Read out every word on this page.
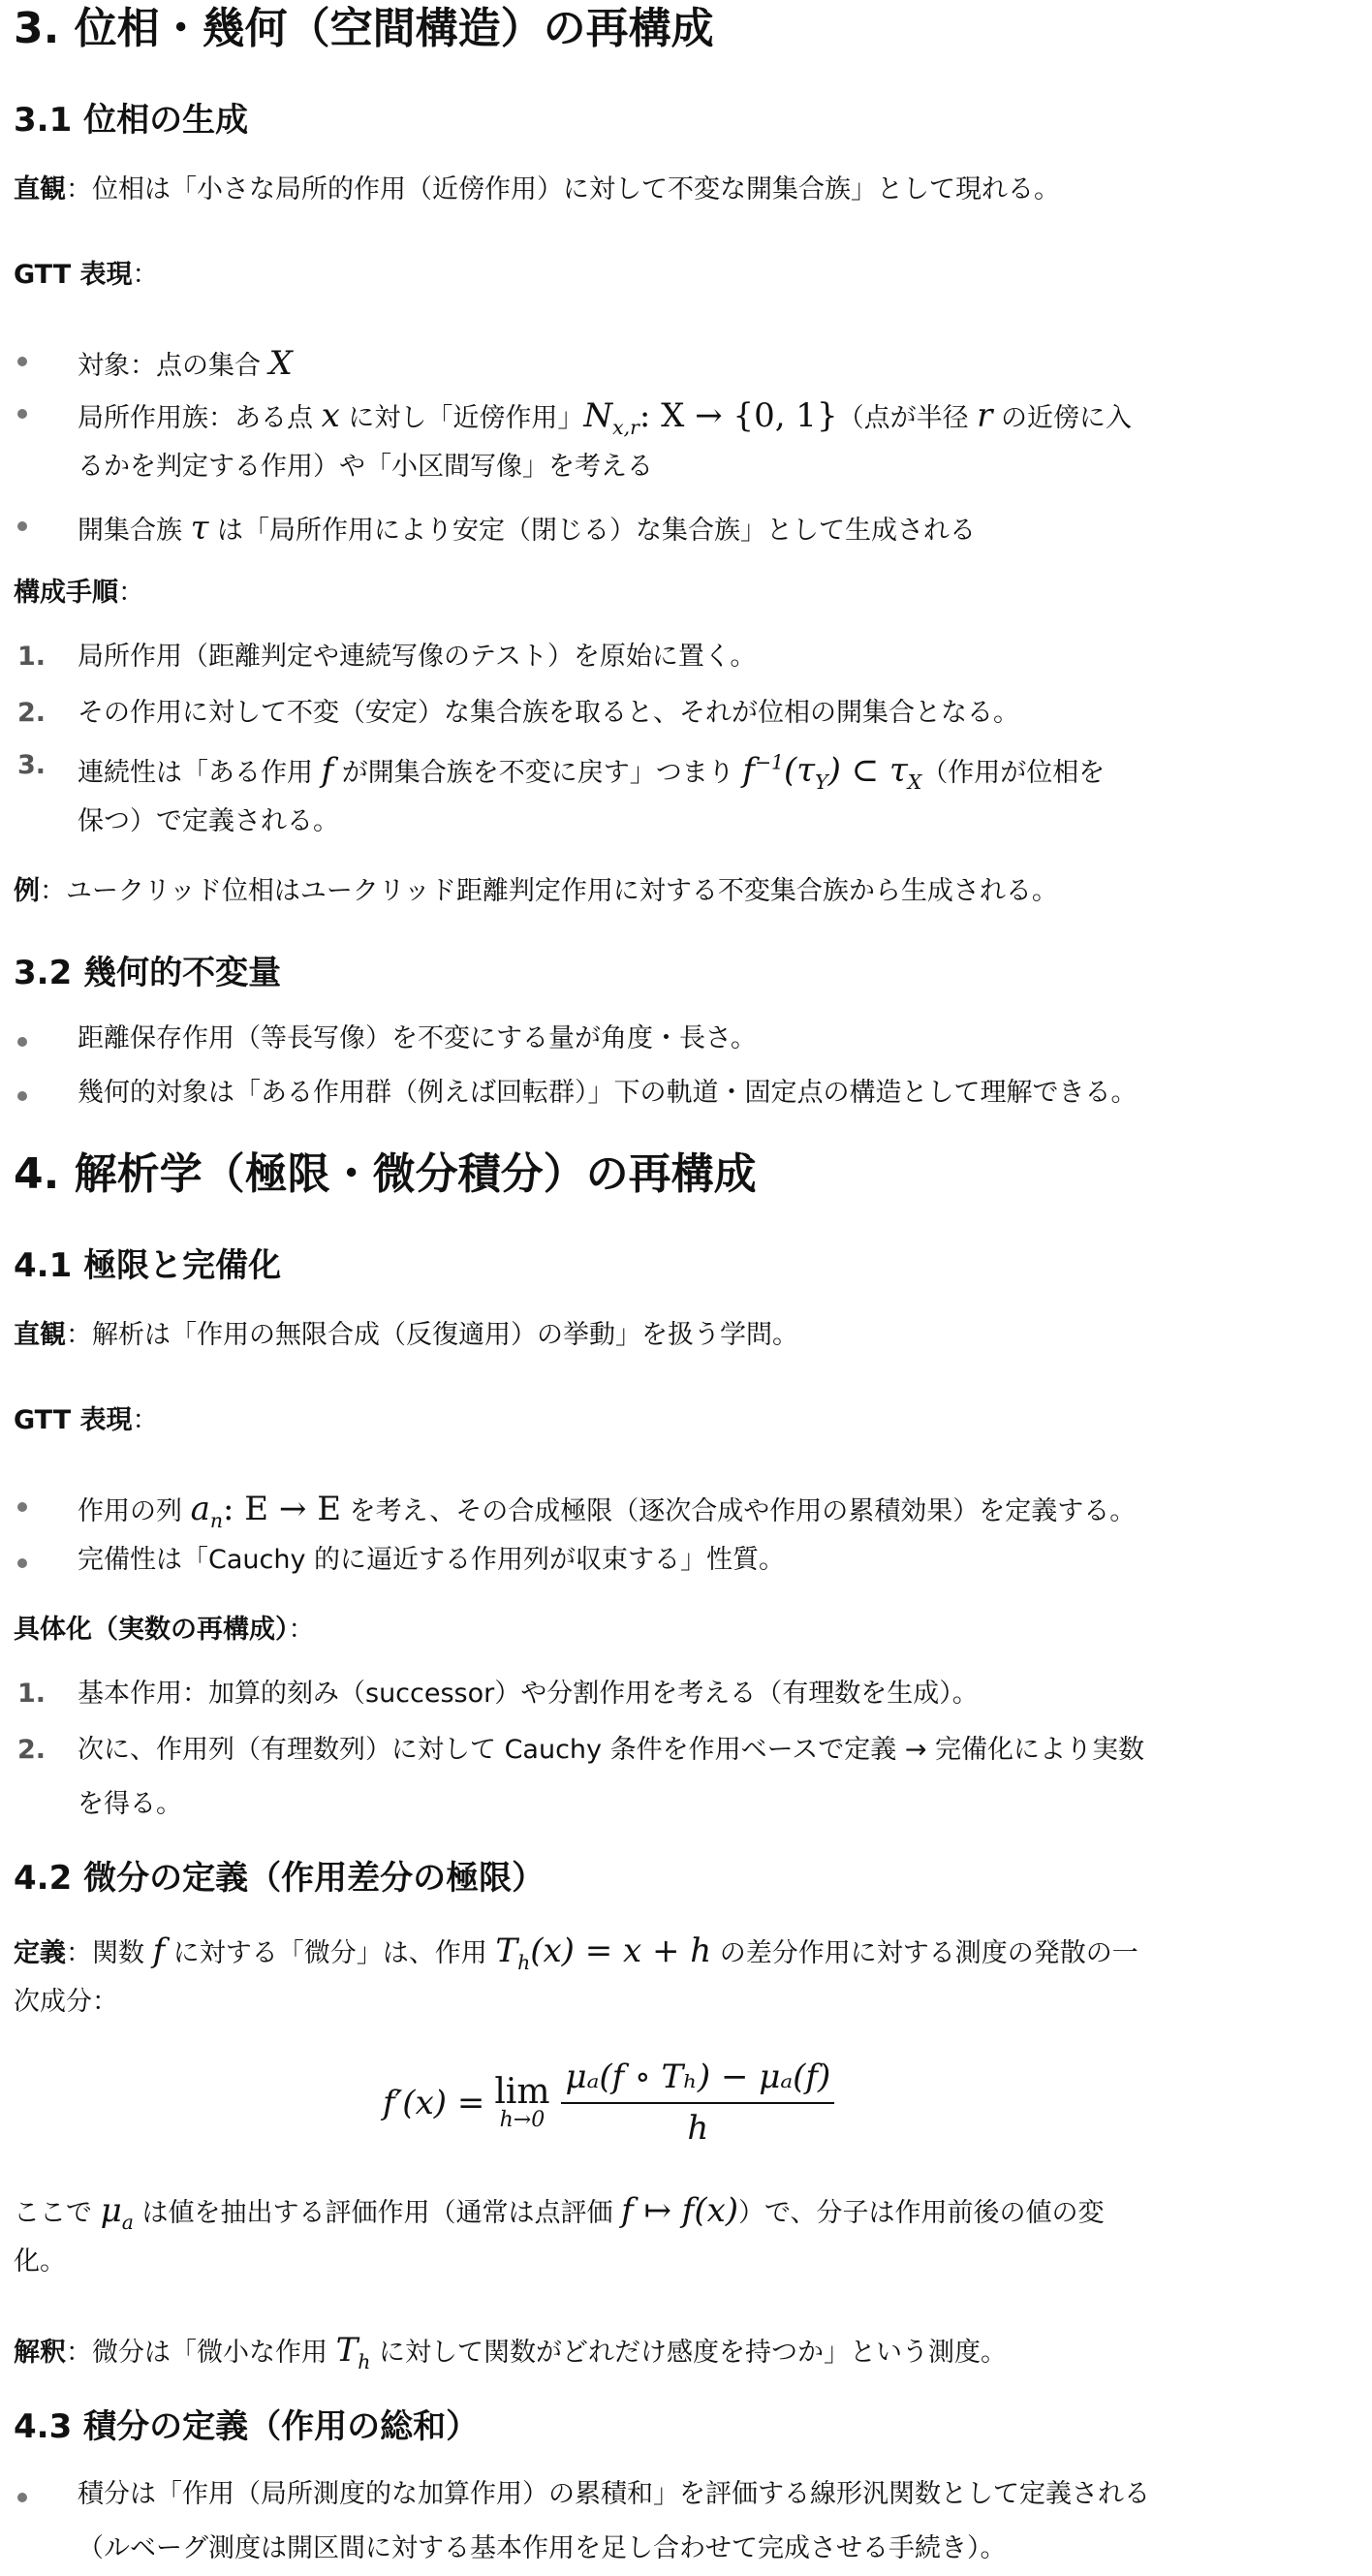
3. 位相・幾何（空間構造）の再構成
3.1 位相の生成

直観：位相は「小さな局所的作用（近傍作用）に対して不変な開集合族」として現れる。

GTT 表現：

対象：点の集合 X
局所作用族：ある点 x に対し「近傍作用」$N_{x,r}$: X → {0, 1}（点が半径 r の近傍に入
るかを判定する作用）や「小区間写像」を考える
開集合族 τ は「局所作用により安定（閉じる）な集合族」として生成される

構成手順：

1. 局所作用（距離判定や連続写像のテスト）を原始に置く。
2. その作用に対して不変（安定）な集合族を取ると、それが位相の開集合となる。
3. 連続性は「ある作用 f が開集合族を不変に戻す」つまり $f^{-1}(\tau_Y)$ ⊂ $\tau_X$（作用が位相を
保つ）で定義される。

例：ユークリッド位相はユークリッド距離判定作用に対する不変集合族から生成される。

3.2 幾何的不変量
距離保存作用（等長写像）を不変にする量が角度・長さ。
幾何的対象は「ある作用群（例えば回転群）」下の軌道・固定点の構造として理解できる。
4. 解析学（極限・微分積分）の再構成
4.1 極限と完備化

直観：解析は「作用の無限合成（反復適用）の挙動」を扱う学問。

GTT 表現：

作用の列 $a_n$: E → E を考え、その合成極限（逐次合成や作用の累積効果）を定義する。
完備性は「Cauchy 的に逼近する作用列が収束する」性質。

具体化（実数の再構成）：

1. 基本作用：加算的刻み（successor）や分割作用を考える（有理数を生成）。
2. 次に、作用列（有理数列）に対して Cauchy 条件を作用ベースで定義 → 完備化により実数
を得る。
4.2 微分の定義（作用差分の極限）

定義：関数 f に対する「微分」は、作用 $T_h(x) = x + h$ の差分作用に対する測度の発散の一

次成分：

f′(x) = lim
$h\to 0 \frac{\text{μₐ(f ∘ Tₕ) − μₐ(f)}}{h}$

ここで $\mu_a$ は値を抽出する評価作用（通常は点評価 f ↦ f(x)）で、分子は作用前後の値の変

化。

解釈：微分は「微小な作用 $T_h$ に対して関数がどれだけ感度を持つか」という測度。

4.3 積分の定義（作用の総和）
積分は「作用（局所測度的な加算作用）の累積和」を評価する線形汎関数として定義される
（ルベーグ測度は開区間に対する基本作用を足し合わせて完成させる手続き）。
